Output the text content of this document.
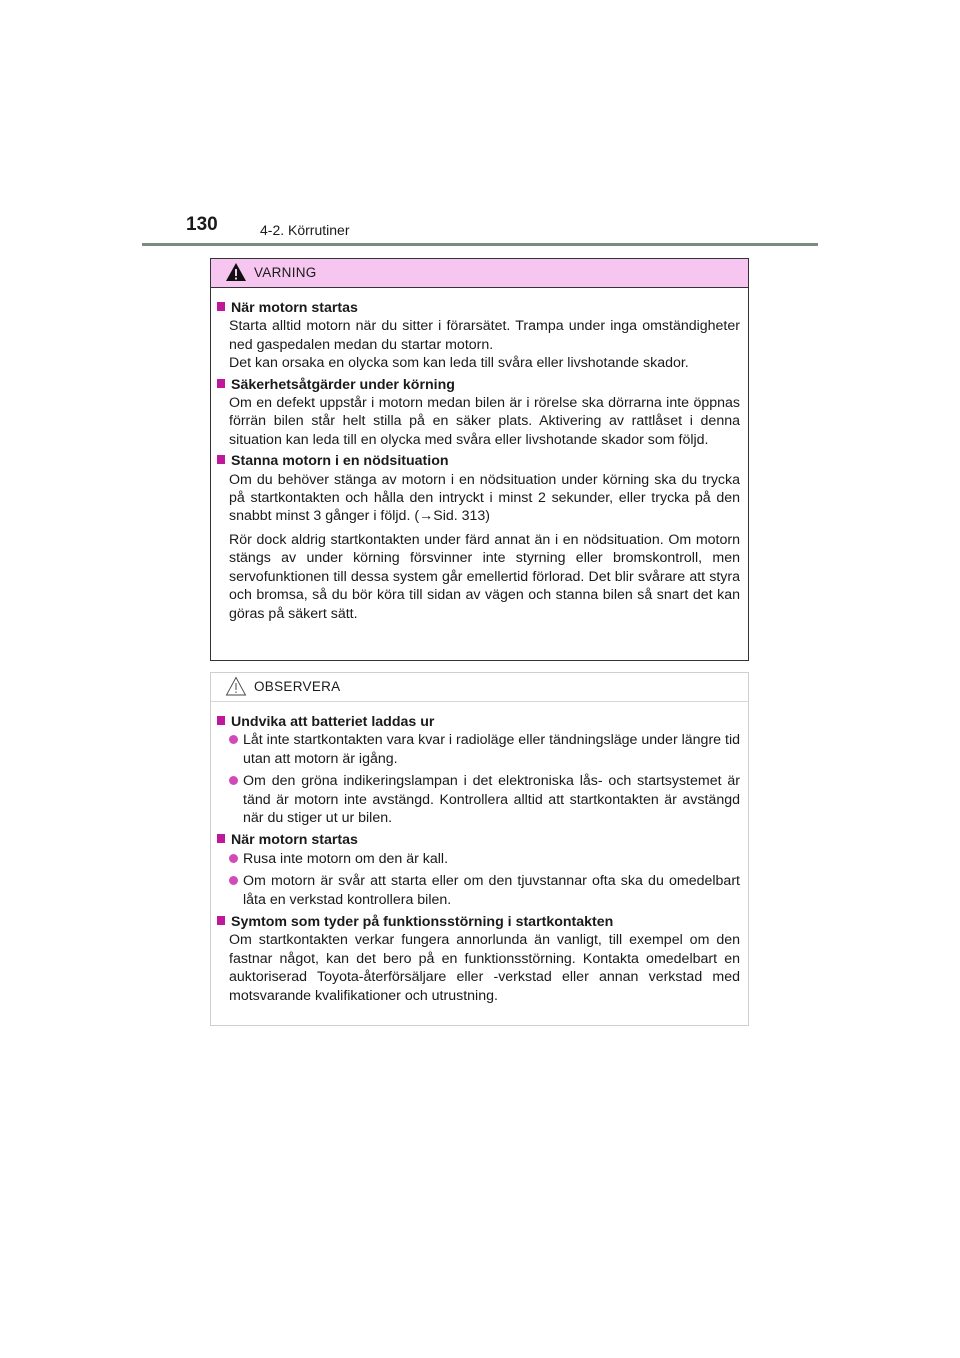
130	4-2. Körrutiner
VARNING
När motorn startas
Starta alltid motorn när du sitter i förarsätet. Trampa under inga omständigheter ned gaspedalen medan du startar motorn.
Det kan orsaka en olycka som kan leda till svåra eller livshotande skador.
Säkerhetsåtgärder under körning
Om en defekt uppstår i motorn medan bilen är i rörelse ska dörrarna inte öppnas förrän bilen står helt stilla på en säker plats. Aktivering av rattlåset i denna situation kan leda till en olycka med svåra eller livshotande skador som följd.
Stanna motorn i en nödsituation
Om du behöver stänga av motorn i en nödsituation under körning ska du trycka på startkontakten och hålla den intryckt i minst 2 sekunder, eller trycka på den snabbt minst 3 gånger i följd. (→Sid. 313)
Rör dock aldrig startkontakten under färd annat än i en nödsituation. Om motorn stängs av under körning försvinner inte styrning eller bromskontroll, men servofunktionen till dessa system går emellertid förlorad. Det blir svårare att styra och bromsa, så du bör köra till sidan av vägen och stanna bilen så snart det kan göras på säkert sätt.
OBSERVERA
Undvika att batteriet laddas ur
Låt inte startkontakten vara kvar i radioläge eller tändningsläge under längre tid utan att motorn är igång.
Om den gröna indikeringslampan i det elektroniska lås- och startsystemet är tänd är motorn inte avstängd. Kontrollera alltid att startkontakten är avstängd när du stiger ut ur bilen.
När motorn startas
Rusa inte motorn om den är kall.
Om motorn är svår att starta eller om den tjuvstannar ofta ska du omedelbart låta en verkstad kontrollera bilen.
Symtom som tyder på funktionsstörning i startkontakten
Om startkontakten verkar fungera annorlunda än vanligt, till exempel om den fastnar något, kan det bero på en funktionsstörning. Kontakta omedelbart en auktoriserad Toyota-återförsäljare eller -verkstad eller annan verkstad med motsvarande kvalifikationer och utrustning.
